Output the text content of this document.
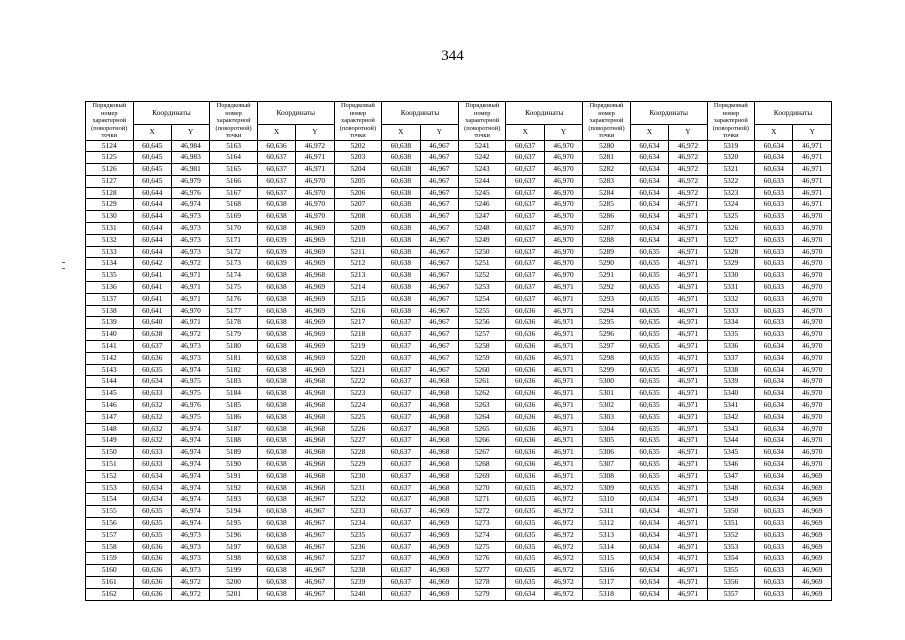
344
Порядковый номер характерной (поворотной) точки	Координаты		Порядковый номер характерной (поворотной) точки	Координаты		Порядковый номер характерной (поворотной) точки	Координаты		Порядковый номер характерной (поворотной) точки	Координаты		Порядковый номер характерной (поворотной) точки	Координаты		Порядковый номер характерной (поворотной) точки	Координаты	
	X	Y		X	Y		X	Y		X	Y		X	Y		X	Y
5124	60,645	46,984	5163	60,636	46,972	5202	60,638	46,967	5241	60,637	46,970	5280	60,634	46,972	5319	60,634	46,971
5125	60,645	46,983	5164	60,637	46,971	5203	60,638	46,967	5242	60,637	46,970	5281	60,634	46,972	5320	60,634	46,971
5126	60,645	46,981	5165	60,637	46,971	5204	60,638	46,967	5243	60,637	46,970	5282	60,634	46,972	5321	60,634	46,971
5127	60,645	46,979	5166	60,637	46,970	5205	60,638	46,967	5244	60,637	46,970	5283	60,634	46,972	5322	60,633	46,971
5128	60,644	46,976	5167	60,637	46,970	5206	60,638	46,967	5245	60,637	46,970	5284	60,634	46,972	5323	60,633	46,971
5129	60,644	46,974	5168	60,638	46,970	5207	60,638	46,967	5246	60,637	46,970	5285	60,634	46,971	5324	60,633	46,971
5130	60,644	46,973	5169	60,638	46,970	5208	60,638	46,967	5247	60,637	46,970	5286	60,634	46,971	5325	60,633	46,970
5131	60,644	46,973	5170	60,638	46,969	5209	60,638	46,967	5248	60,637	46,970	5287	60,634	46,971	5326	60,633	46,970
5132	60,644	46,973	5171	60,639	46,969	5210	60,638	46,967	5249	60,637	46,970	5288	60,634	46,971	5327	60,633	46,970
5133	60,644	46,973	5172	60,639	46,969	5211	60,638	46,967	5250	60,637	46,970	5289	60,635	46,971	5328	60,633	46,970
5134	60,642	46,972	5173	60,639	46,969	5212	60,638	46,967	5251	60,637	46,970	5290	60,635	46,971	5329	60,633	46,970
5135	60,641	46,971	5174	60,638	46,968	5213	60,638	46,967	5252	60,637	46,970	5291	60,635	46,971	5330	60,633	46,970
5136	60,641	46,971	5175	60,638	46,969	5214	60,638	46,967	5253	60,637	46,971	5292	60,635	46,971	5331	60,633	46,970
5137	60,641	46,971	5176	60,638	46,969	5215	60,638	46,967	5254	60,637	46,971	5293	60,635	46,971	5332	60,633	46,970
5138	60,641	46,970	5177	60,638	46,969	5216	60,638	46,967	5255	60,636	46,971	5294	60,635	46,971	5333	60,633	46,970
5139	60,640	46,971	5178	60,638	46,969	5217	60,637	46,967	5256	60,636	46,971	5295	60,635	46,971	5334	60,633	46,970
5140	60,638	46,972	5179	60,638	46,969	5218	60,637	46,967	5257	60,636	46,971	5296	60,635	46,971	5335	60,633	46,970
5141	60,637	46,973	5180	60,638	46,969	5219	60,637	46,967	5258	60,636	46,971	5297	60,635	46,971	5336	60,634	46,970
5142	60,636	46,973	5181	60,638	46,969	5220	60,637	46,967	5259	60,636	46,971	5298	60,635	46,971	5337	60,634	46,970
5143	60,635	46,974	5182	60,638	46,969	5221	60,637	46,967	5260	60,636	46,971	5299	60,635	46,971	5338	60,634	46,970
5144	60,634	46,975	5183	60,638	46,968	5222	60,637	46,968	5261	60,636	46,971	5300	60,635	46,971	5339	60,634	46,970
5145	60,633	46,975	5184	60,638	46,968	5223	60,637	46,968	5262	60,636	46,971	5301	60,635	46,971	5340	60,634	46,970
5146	60,632	46,976	5185	60,638	46,968	5224	60,637	46,968	5263	60,636	46,971	5302	60,635	46,971	5341	60,634	46,970
5147	60,632	46,975	5186	60,638	46,968	5225	60,637	46,968	5264	60,636	46,971	5303	60,635	46,971	5342	60,634	46,970
5148	60,632	46,974	5187	60,638	46,968	5226	60,637	46,968	5265	60,636	46,971	5304	60,635	46,971	5343	60,634	46,970
5149	60,632	46,974	5188	60,638	46,968	5227	60,637	46,968	5266	60,636	46,971	5305	60,635	46,971	5344	60,634	46,970
5150	60,633	46,974	5189	60,638	46,968	5228	60,637	46,968	5267	60,636	46,971	5306	60,635	46,971	5345	60,634	46,970
5151	60,633	46,974	5190	60,638	46,968	5229	60,637	46,968	5268	60,636	46,971	5307	60,635	46,971	5346	60,634	46,970
5152	60,634	46,974	5191	60,638	46,968	5230	60,637	46,968	5269	60,636	46,971	5308	60,635	46,971	5347	60,634	46,969
5153	60,634	46,974	5192	60,638	46,968	5231	60,637	46,968	5270	60,635	46,972	5309	60,635	46,971	5348	60,634	46,969
5154	60,634	46,974	5193	60,638	46,967	5232	60,637	46,968	5271	60,635	46,972	5310	60,634	46,971	5349	60,634	46,969
5155	60,635	46,974	5194	60,638	46,967	5233	60,637	46,969	5272	60,635	46,972	5311	60,634	46,971	5350	60,633	46,969
5156	60,635	46,974	5195	60,638	46,967	5234	60,637	46,969	5273	60,635	46,972	5312	60,634	46,971	5351	60,633	46,969
5157	60,635	46,973	5196	60,638	46,967	5235	60,637	46,969	5274	60,635	46,972	5313	60,634	46,971	5352	60,633	46,969
5158	60,636	46,973	5197	60,638	46,967	5236	60,637	46,969	5275	60,635	46,972	5314	60,634	46,971	5353	60,633	46,969
5159	60,636	46,973	5198	60,638	46,967	5237	60,637	46,969	5276	60,635	46,972	5315	60,634	46,971	5354	60,633	46,969
5160	60,636	46,973	5199	60,638	46,967	5238	60,637	46,969	5277	60,635	46,972	5316	60,634	46,971	5355	60,633	46,969
5161	60,636	46,972	5200	60,638	46,967	5239	60,637	46,969	5278	60,635	46,972	5317	60,634	46,971	5356	60,633	46,969
5162	60,636	46,972	5201	60,638	46,967	5240	60,637	46,969	5279	60,634	46,972	5318	60,634	46,971	5357	60,633	46,969
